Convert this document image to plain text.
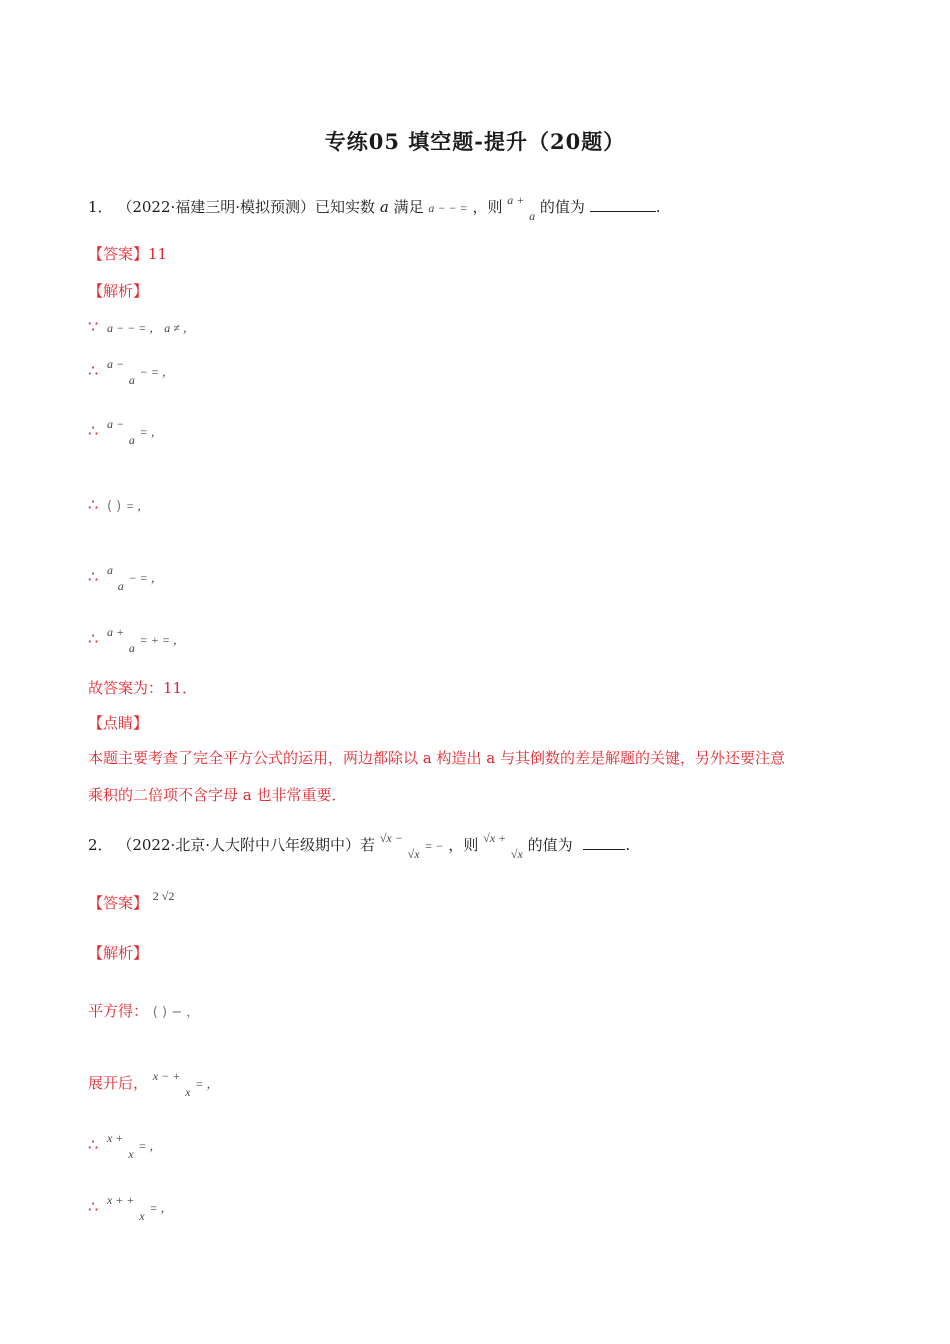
专练05 填空题-提升（20题）
1． （2022·福建三明·模拟预测）已知实数 a 满足 a − − = ，则 $^{a +}$ $_a$ 的值为	.
【答案】11
【解析】
∵ a − − = ， a ≠ ，
∴ $^{a -}$ $_a$ − = ，
∴ $^{a -}$ $_a$ = ，
∴ ( ) = ，
∴ $^a$ $_a$ − = ，
∴ $^{a +}$ $_a$ = + = ，
故答案为：11．
【点睛】
本题主要考查了完全平方公式的运用，两边都除以 a 构造出 a 与其倒数的差是解题的关键，另外还要注意
乘积的二倍项不含字母 a 也非常重要．
2． （2022·北京·人大附中八年级期中）若 $^{√x -}$ $_{√x}$ = − ，则 $^{√x +}$ $_{√x}$ 的值为	.
【答案】 $^{2 √2}$
【解析】
平方得： ( ) − ，
展开后， $^{x - +}$ $_x$ = ，
∴ $^{x +}$ $_x$ = ，
∴ $^{x + +}$ $_x$ = ，
